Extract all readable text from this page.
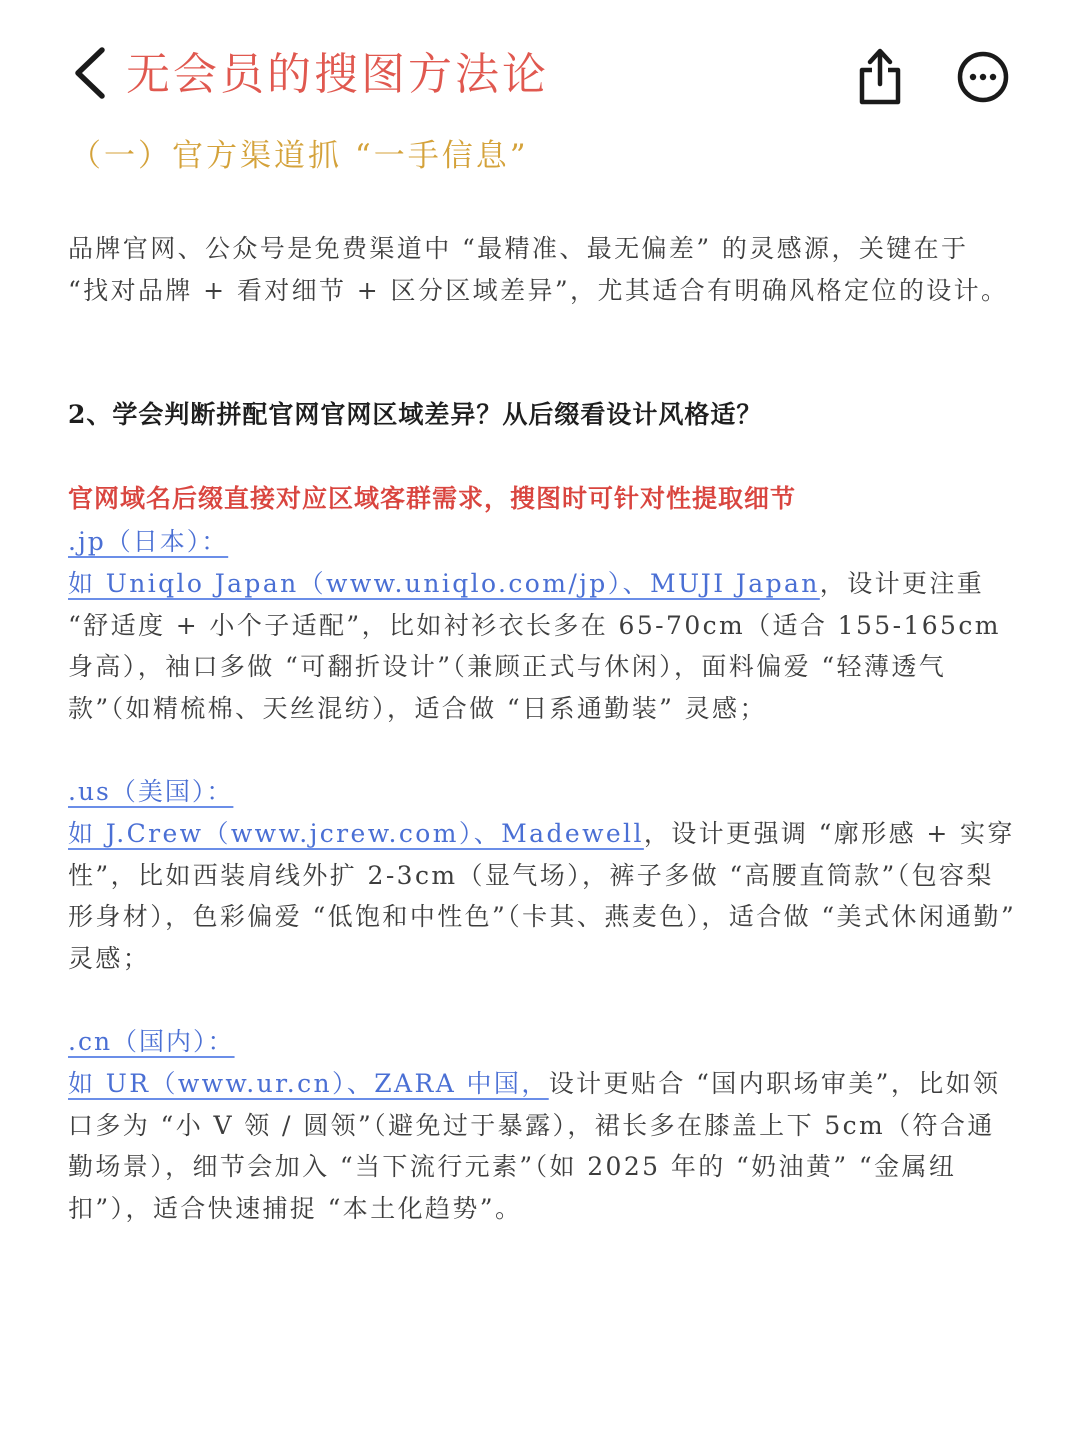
无会员的搜图方法论
（一）官方渠道抓 “一手信息”
品牌官网、公众号是免费渠道中 “最精准、最无偏差” 的灵感源，关键在于 “找对品牌 + 看对细节 + 区分区域差异”，尤其适合有明确风格定位的设计。
2、学会判断拼配官网官网区域差异？从后缀看设计风格适？
官网域名后缀直接对应区域客群需求，搜图时可针对性提取细节
.jp（日本）：
如 Uniqlo Japan（www.uniqlo.com/jp）、MUJI Japan，设计更注重 “舒适度 + 小个子适配”，比如衬衫衣长多在 65-70cm（适合 155-165cm 身高），袖口多做 “可翻折设计”（兼顾正式与休闲），面料偏爱 “轻薄透气款”（如精梳棉、天丝混纺），适合做 “日系通勤装” 灵感；
.us（美国）：
如 J.Crew（www.jcrew.com）、Madewell，设计更强调 “廓形感 + 实穿性”，比如西装肩线外扩 2-3cm（显气场），裤子多做 “高腰直筒款”（包容梨形身材），色彩偏爱 “低饱和中性色”（卡其、燕麦色），适合做 “美式休闲通勤” 灵感；
.cn（国内）：
如 UR（www.ur.cn）、ZARA 中国，设计更贴合 “国内职场审美”，比如领口多为 “小 V 领 / 圆领”（避免过于暴露），裙长多在膝盖上下 5cm（符合通勤场景），细节会加入 “当下流行元素”（如 2025 年的 “奶油黄” “金属纽扣”），适合快速捕捉 “本土化趋势”。
